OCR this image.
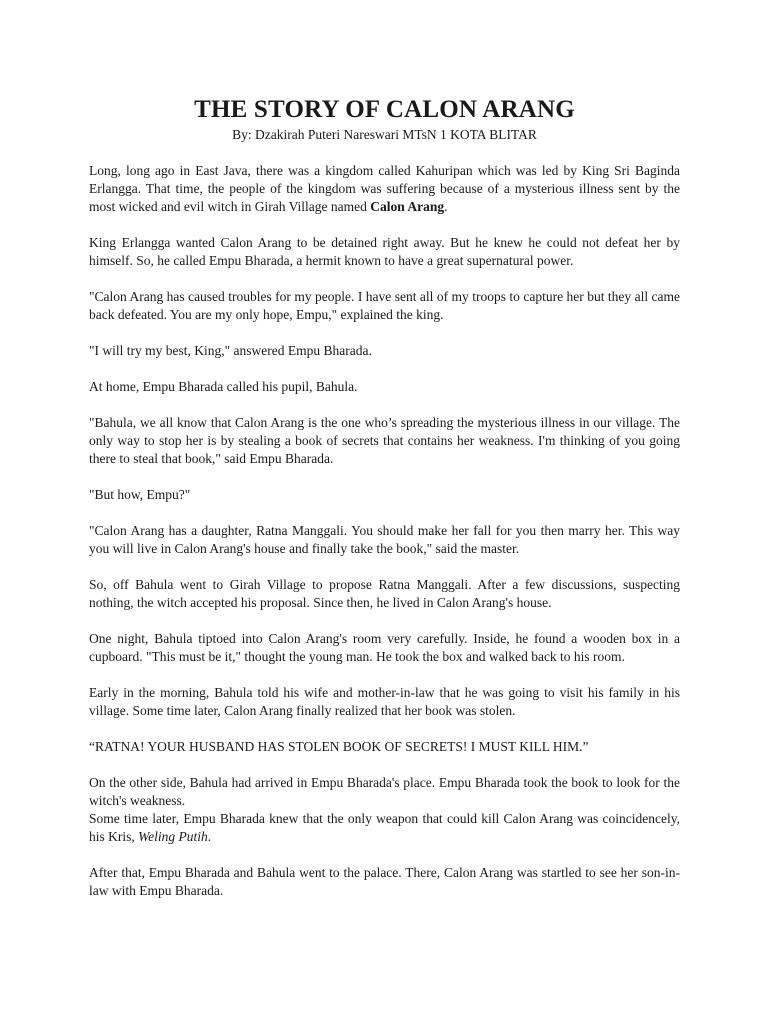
THE STORY OF CALON ARANG
By: Dzakirah Puteri Nareswari MTsN 1 KOTA BLITAR

Long, long ago in East Java, there was a kingdom called Kahuripan which was led by King Sri Baginda Erlangga. That time, the people of the kingdom was suffering because of a mysterious illness sent by the most wicked and evil witch in Girah Village named Calon Arang.

King Erlangga wanted Calon Arang to be detained right away. But he knew he could not defeat her by himself. So, he called Empu Bharada, a hermit known to have a great supernatural power.

"Calon Arang has caused troubles for my people. I have sent all of my troops to capture her but they all came back defeated. You are my only hope, Empu," explained the king.

"I will try my best, King," answered Empu Bharada.

At home, Empu Bharada called his pupil, Bahula.

"Bahula, we all know that Calon Arang is the one who’s spreading the mysterious illness in our village. The only way to stop her is by stealing a book of secrets that contains her weakness. I'm thinking of you going there to steal that book," said Empu Bharada.

"But how, Empu?"

"Calon Arang has a daughter, Ratna Manggali. You should make her fall for you then marry her. This way you will live in Calon Arang's house and finally take the book," said the master.

So, off Bahula went to Girah Village to propose Ratna Manggali. After a few discussions, suspecting nothing, the witch accepted his proposal. Since then, he lived in Calon Arang's house.

One night, Bahula tiptoed into Calon Arang's room very carefully. Inside, he found a wooden box in a cupboard. "This must be it," thought the young man. He took the box and walked back to his room.

Early in the morning, Bahula told his wife and mother-in-law that he was going to visit his family in his village. Some time later, Calon Arang finally realized that her book was stolen.

“RATNA! YOUR HUSBAND HAS STOLEN BOOK OF SECRETS! I MUST KILL HIM.”

On the other side, Bahula had arrived in Empu Bharada's place. Empu Bharada took the book to look for the witch's weakness.

Some time later, Empu Bharada knew that the only weapon that could kill Calon Arang was coincidencely, his Kris, Weling Putih.

After that, Empu Bharada and Bahula went to the palace. There, Calon Arang was startled to see her son-in-law with Empu Bharada.
